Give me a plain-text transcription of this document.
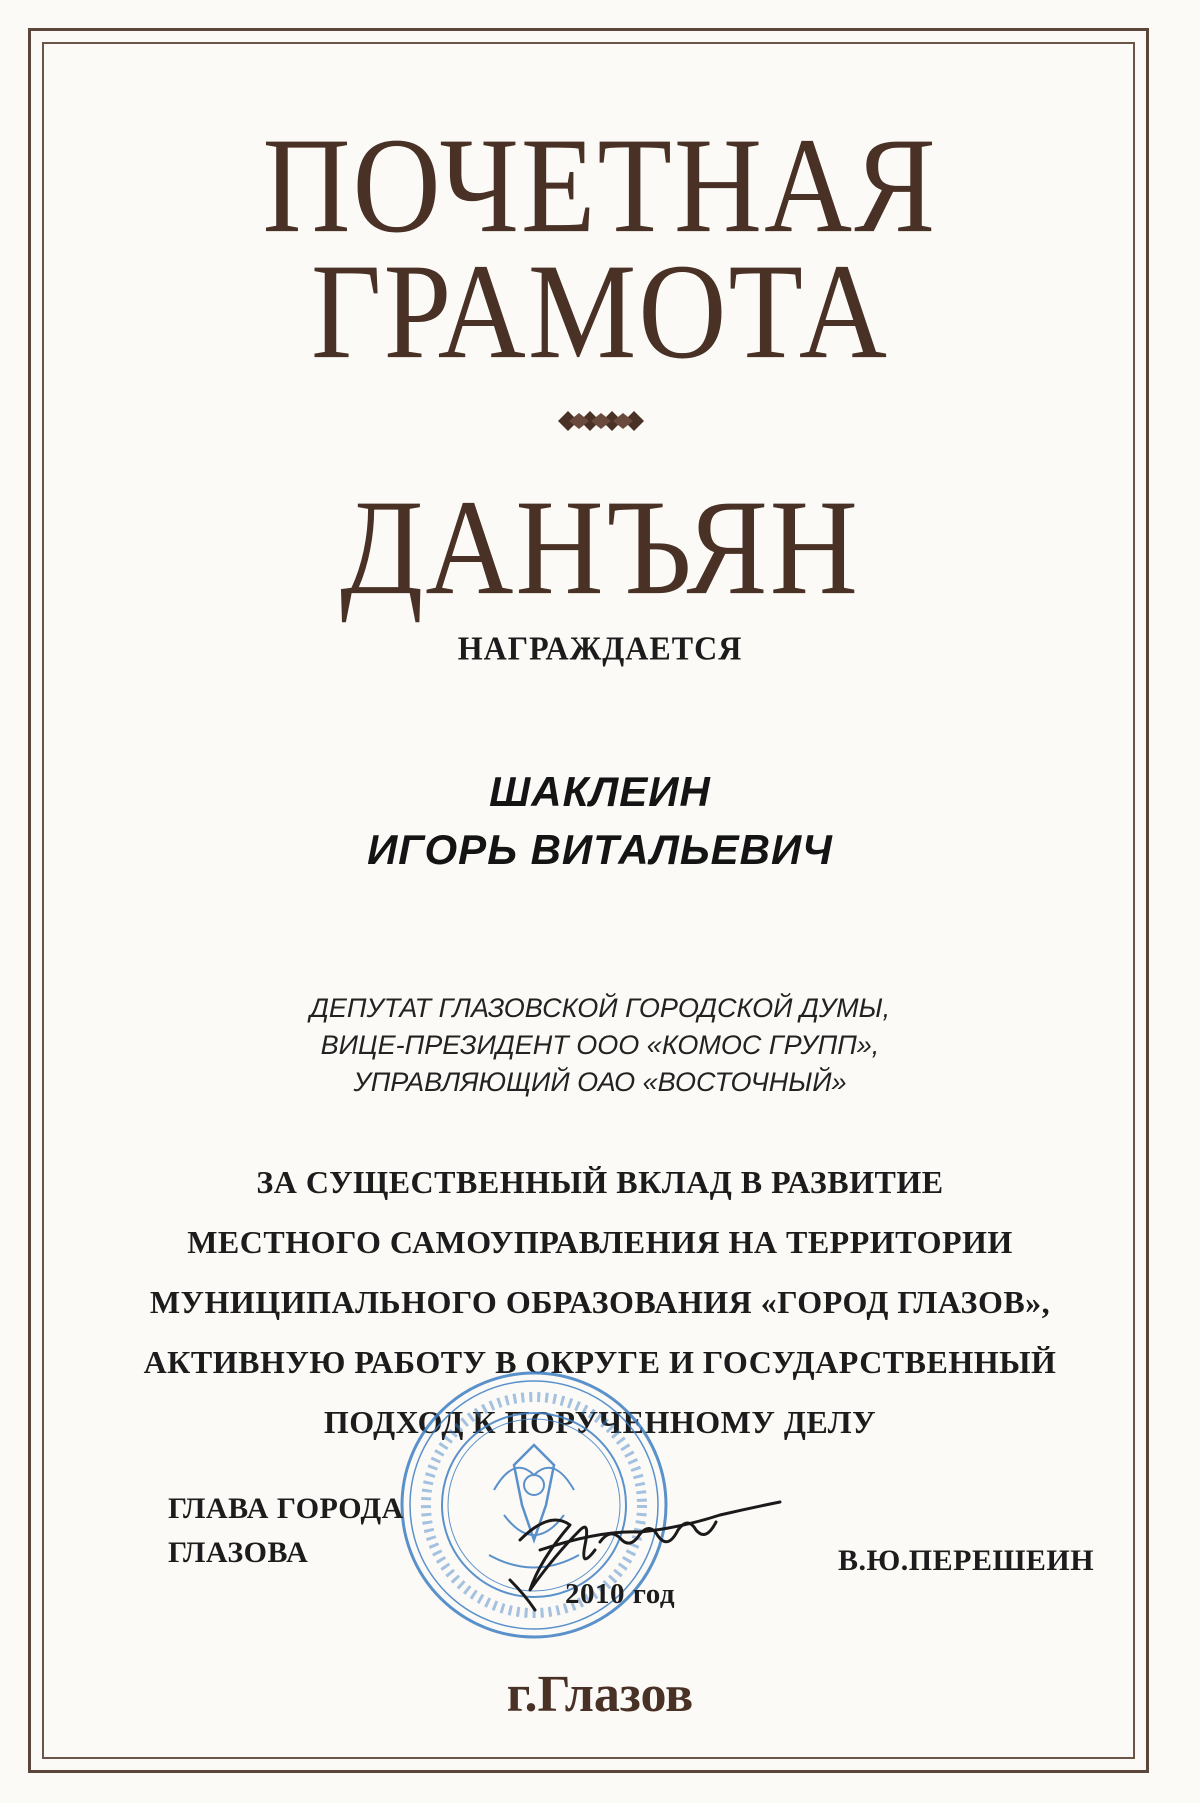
ПОЧЕТНАЯ
ГРАМОТА
ДАНЪЯН
НАГРАЖДАЕТСЯ
ШАКЛЕИН
ИГОРЬ ВИТАЛЬЕВИЧ
ДЕПУТАТ ГЛАЗОВСКОЙ ГОРОДСКОЙ ДУМЫ,
ВИЦЕ-ПРЕЗИДЕНТ ООО «КОМОС ГРУПП»,
УПРАВЛЯЮЩИЙ ОАО «ВОСТОЧНЫЙ»
ЗА СУЩЕСТВЕННЫЙ ВКЛАД В РАЗВИТИЕ
МЕСТНОГО САМОУПРАВЛЕНИЯ НА ТЕРРИТОРИИ
МУНИЦИПАЛЬНОГО ОБРАЗОВАНИЯ «ГОРОД ГЛАЗОВ»,
АКТИВНУЮ РАБОТУ В ОКРУГЕ И ГОСУДАРСТВЕННЫЙ
ПОДХОД К ПОРУЧЕННОМУ ДЕЛУ
ГЛАВА ГОРОДА
ГЛАЗОВА	В.Ю.ПЕРЕШЕИН
2010 год
г.Глазов
